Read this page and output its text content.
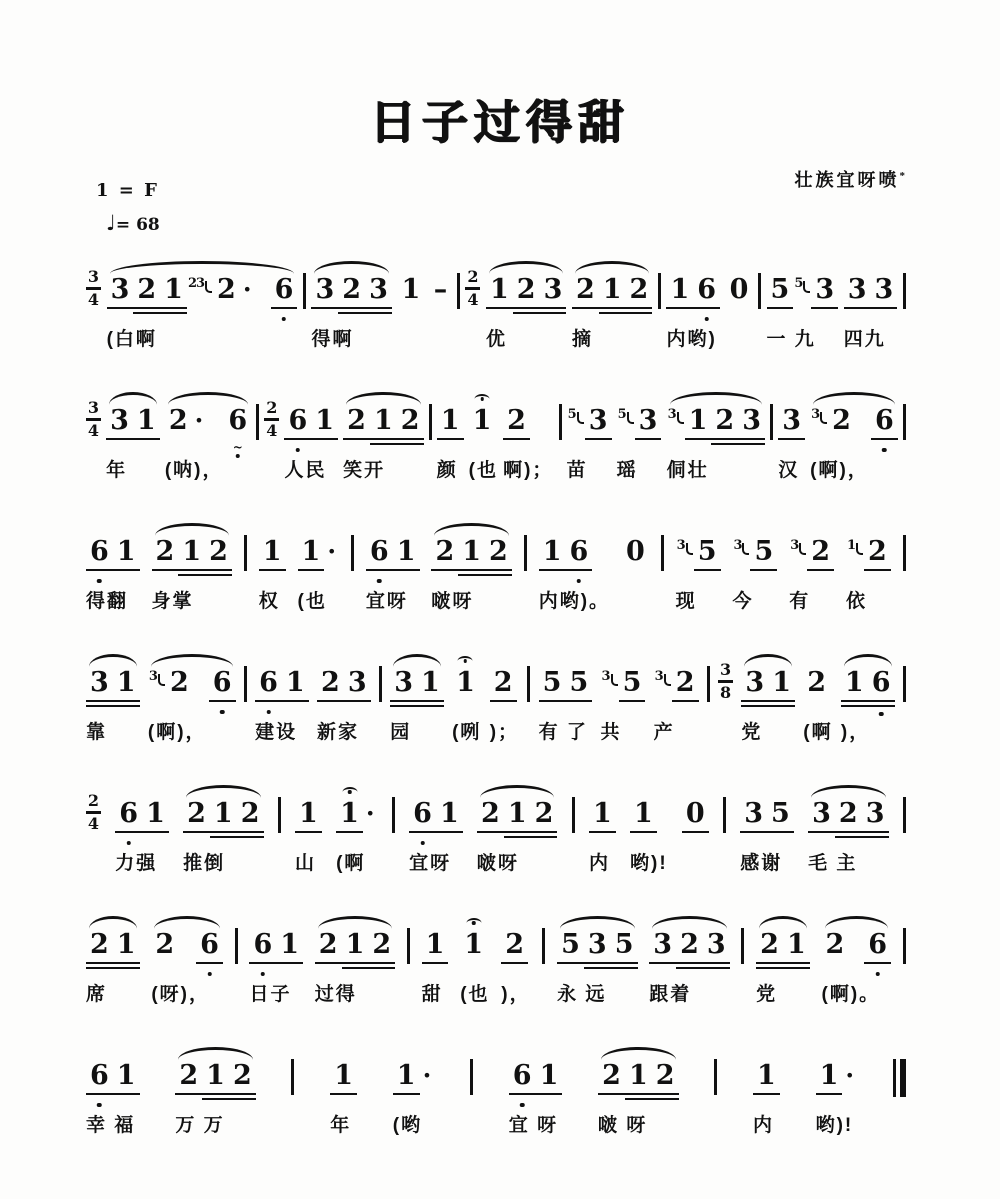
日子过得甜
壮族宜呀喷*
1 = F
♩= 68
3
4 3 2 1 23 2 · 6
(白啊
3 2 3
得啊
1 – 2
4 1 2 3
优
2 1 2
摘
1 6
内哟)
0 5 5 3
一 九
3 3
四九
3
4 3 1
年
2 · 6
~
(呐)，
2
4 6 1
人民
2 1 2
笑开
1
颜
1
(也
2
啊)；
5 3
苗
5 3
瑶
3 1 2 3
侗壮
3
汉
3 2 6
(啊)，
6 1
得翻
2 1 2
身掌
1
权
1 ·
(也
6 1
宜呀
2 1 2
啵呀
1 6
内哟)。
0	3 5
现
3 5
今
3 2
有
1 2
依
3 1
靠
3 2 6
(啊)，
6 1
建设
2 3
新家
3 1
园
1
(咧
2
)；
5 5
有 了
3 5
共
3 2
产
3
8 3 1
党
2
(啊
1 6
)，
2
4 6 1
力强
2 1 2
推倒
1
山
1 ·
(啊
6 1
宜呀
2 1 2
啵呀
1
内
1
哟)!
0 3 5
感谢
3 2 3
毛 主
2 1
席
2 6
(呀)，
6 1
日子
2 1 2
过得
1
甜
1
(也
2
)，
5 3 5
永 远
3 2 3
跟着
2 1
党
2 6
(啊)。
6 1
幸 福
2 1 2
万 万
1
年
1 ·
(哟
6 1
宜 呀
2 1 2
啵 呀
1
内
1 ·
哟)!
